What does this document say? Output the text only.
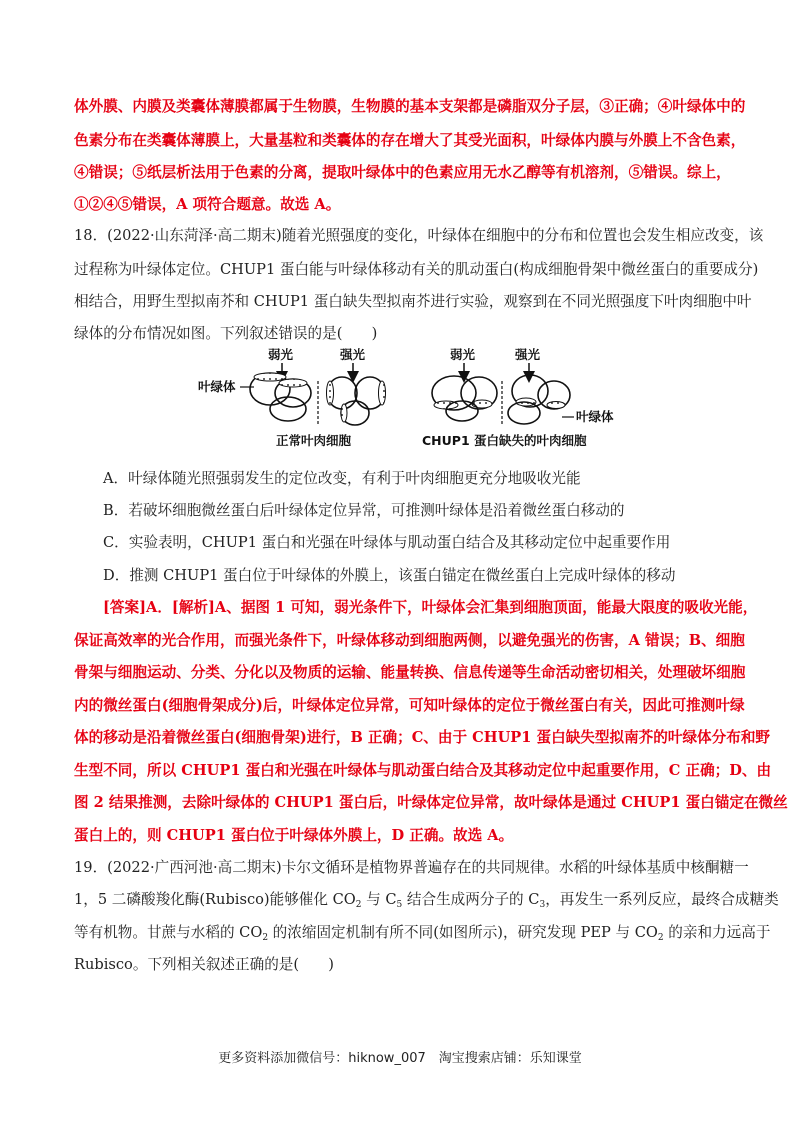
体外膜、内膜及类囊体薄膜都属于生物膜，生物膜的基本支架都是磷脂双分子层，③正确；④叶绿体中的
色素分布在类囊体薄膜上，大量基粒和类囊体的存在增大了其受光面积，叶绿体内膜与外膜上不含色素，
④错误；⑤纸层析法用于色素的分离，提取叶绿体中的色素应用无水乙醇等有机溶剂，⑤错误。综上，
①②④⑤错误，A 项符合题意。故选 A。
18．(2022·山东菏泽·高二期末)随着光照强度的变化，叶绿体在细胞中的分布和位置也会发生相应改变，该
过程称为叶绿体定位。CHUP1 蛋白能与叶绿体移动有关的肌动蛋白(构成细胞骨架中微丝蛋白的重要成分)
相结合，用野生型拟南芥和 CHUP1 蛋白缺失型拟南芥进行实验，观察到在不同光照强度下叶肉细胞中叶
绿体的分布情况如图。下列叙述错误的是(　　)
弱光	强光
叶绿体
正常叶肉细胞
弱光	强光
叶绿体
CHUP1 蛋白缺失的叶肉细胞
A．叶绿体随光照强弱发生的定位改变，有利于叶肉细胞更充分地吸收光能
B．若破坏细胞微丝蛋白后叶绿体定位异常，可推测叶绿体是沿着微丝蛋白移动的
C．实验表明，CHUP1 蛋白和光强在叶绿体与肌动蛋白结合及其移动定位中起重要作用
D．推测 CHUP1 蛋白位于叶绿体的外膜上，该蛋白锚定在微丝蛋白上完成叶绿体的移动
[答案]A．[解析]A、据图 1 可知，弱光条件下，叶绿体会汇集到细胞顶面，能最大限度的吸收光能，
保证高效率的光合作用，而强光条件下，叶绿体移动到细胞两侧，以避免强光的伤害，A 错误；B、细胞
骨架与细胞运动、分类、分化以及物质的运输、能量转换、信息传递等生命活动密切相关，处理破坏细胞
内的微丝蛋白(细胞骨架成分)后，叶绿体定位异常，可知叶绿体的定位于微丝蛋白有关，因此可推测叶绿
体的移动是沿着微丝蛋白(细胞骨架)进行，B 正确；C、由于 CHUP1 蛋白缺失型拟南芥的叶绿体分布和野
生型不同，所以 CHUP1 蛋白和光强在叶绿体与肌动蛋白结合及其移动定位中起重要作用，C 正确；D、由
图 2 结果推测，去除叶绿体的 CHUP1 蛋白后，叶绿体定位异常，故叶绿体是通过 CHUP1 蛋白锚定在微丝
蛋白上的，则 CHUP1 蛋白位于叶绿体外膜上，D 正确。故选 A。
19．(2022·广西河池·高二期末)卡尔文循环是植物界普遍存在的共同规律。水稻的叶绿体基质中核酮糖一
1，5 二磷酸羧化酶(Rubisco)能够催化 $CO_2$ 与 $C_5$ 结合生成两分子的 $C_3$，再发生一系列反应，最终合成糖类
等有机物。甘蔗与水稻的 $CO_2$ 的浓缩固定机制有所不同(如图所示)，研究发现 PEP 与 $CO_2$ 的亲和力远高于
Rubisco。下列相关叙述正确的是(　　)
更多资料添加微信号：hiknow_007　淘宝搜索店铺：乐知课堂
